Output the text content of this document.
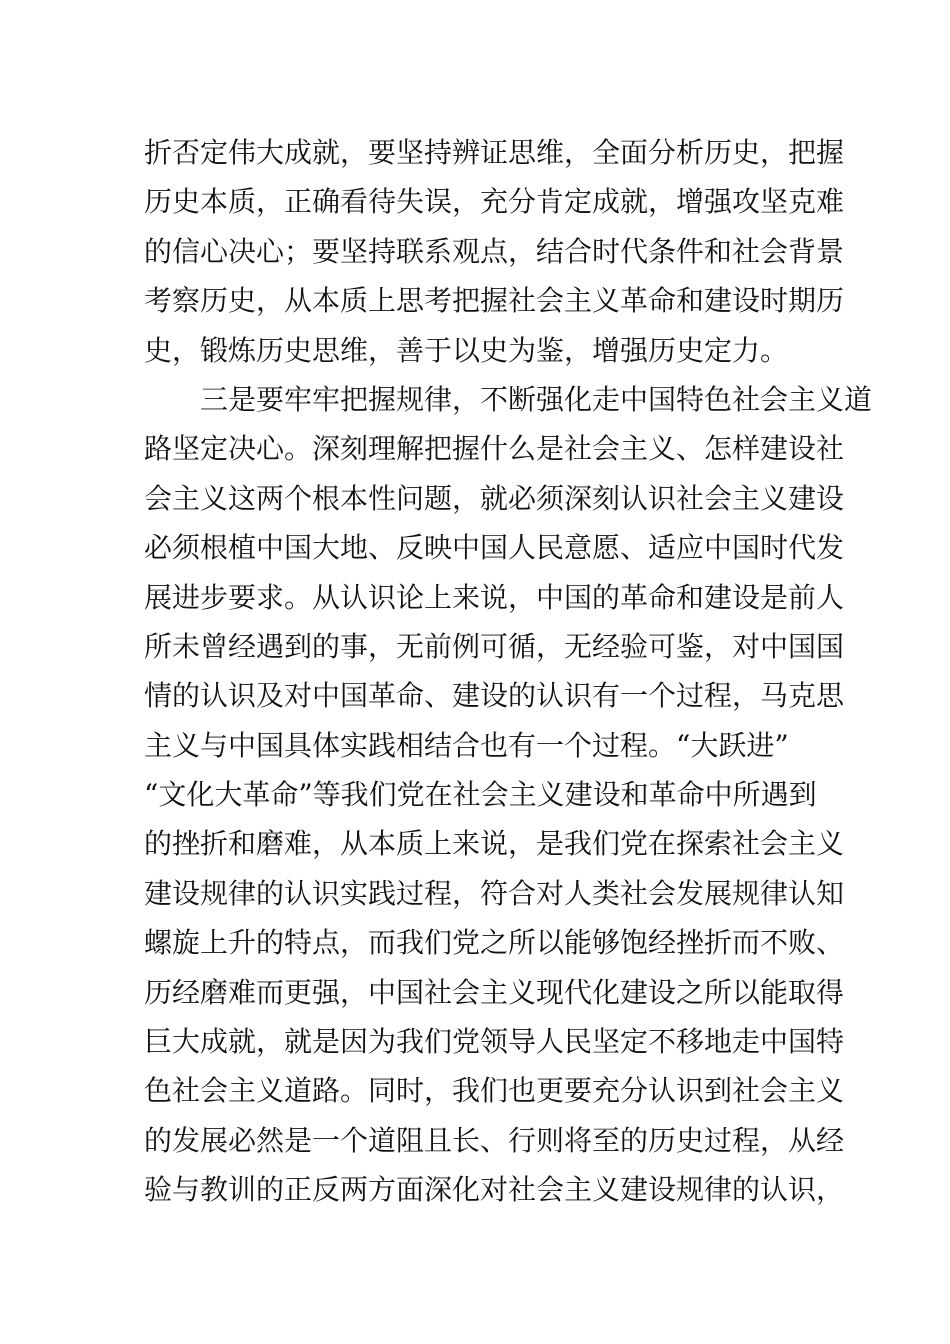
折否定伟大成就，要坚持辨证思维，全面分析历史，把握
历史本质，正确看待失误，充分肯定成就，增强攻坚克难
的信心决心；要坚持联系观点，结合时代条件和社会背景
考察历史，从本质上思考把握社会主义革命和建设时期历
史，锻炼历史思维，善于以史为鉴，增强历史定力。
　　三是要牢牢把握规律，不断强化走中国特色社会主义道
路坚定决心。深刻理解把握什么是社会主义、怎样建设社
会主义这两个根本性问题，就必须深刻认识社会主义建设
必须根植中国大地、反映中国人民意愿、适应中国时代发
展进步要求。从认识论上来说，中国的革命和建设是前人
所未曾经遇到的事，无前例可循，无经验可鉴，对中国国
情的认识及对中国革命、建设的认识有一个过程，马克思
主义与中国具体实践相结合也有一个过程。“大跃进”
“文化大革命”等我们党在社会主义建设和革命中所遇到
的挫折和磨难，从本质上来说，是我们党在探索社会主义
建设规律的认识实践过程，符合对人类社会发展规律认知
螺旋上升的特点，而我们党之所以能够饱经挫折而不败、
历经磨难而更强，中国社会主义现代化建设之所以能取得
巨大成就，就是因为我们党领导人民坚定不移地走中国特
色社会主义道路。同时，我们也更要充分认识到社会主义
的发展必然是一个道阻且长、行则将至的历史过程，从经
验与教训的正反两方面深化对社会主义建设规律的认识，
